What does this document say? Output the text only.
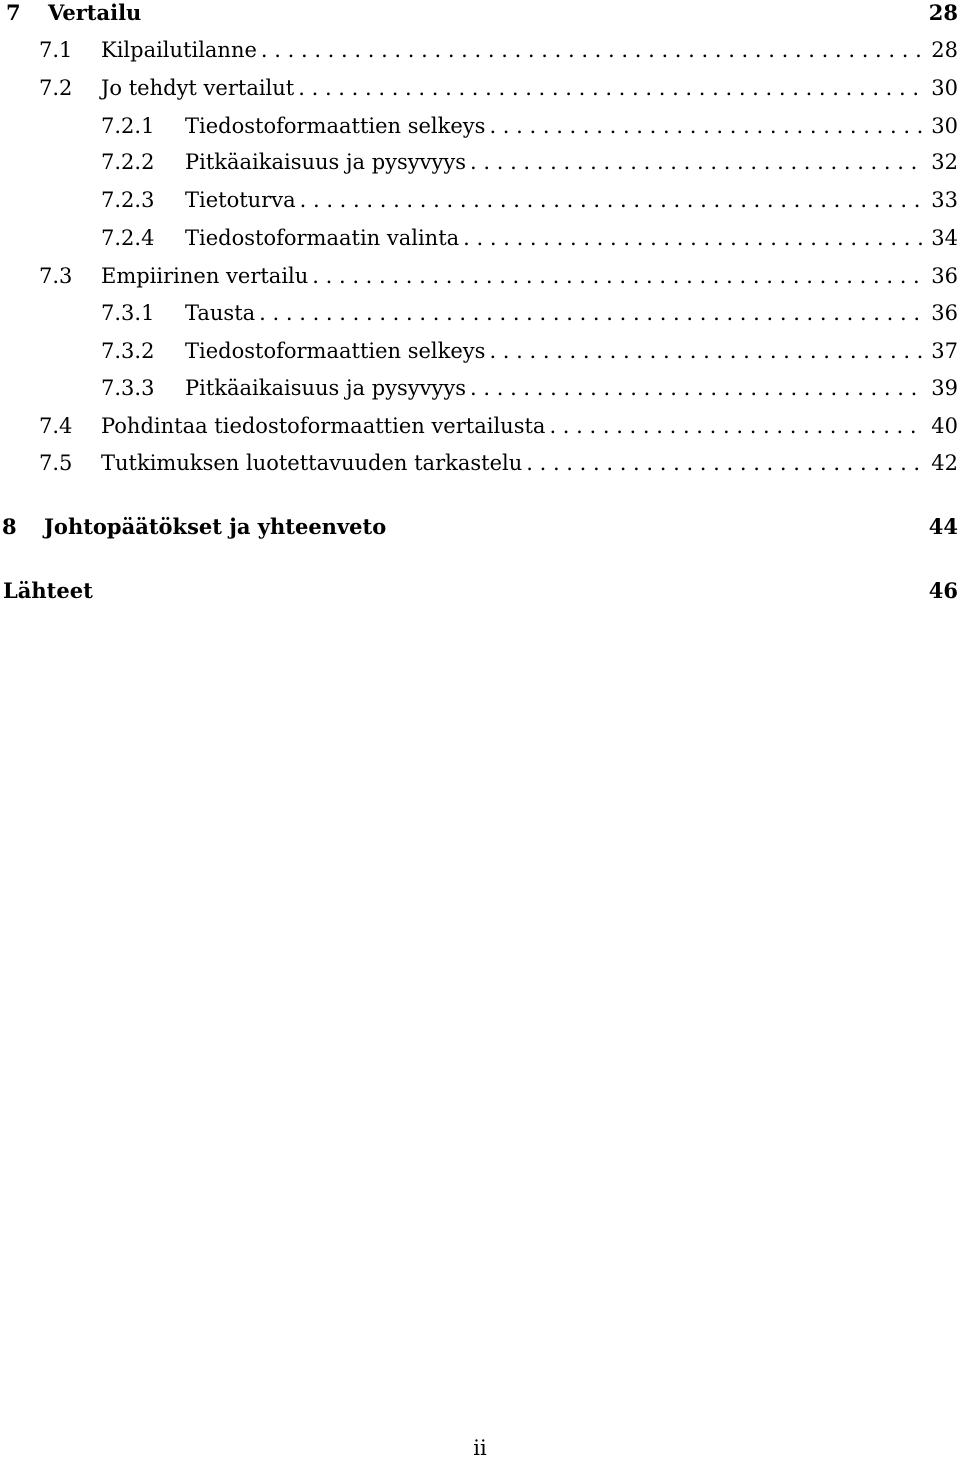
7	Vertailu	28
7.1	Kilpailutilanne . . .	28
7.2	Jo tehdyt vertailut . . .	30
7.2.1	Tiedostoformaattien selkeys . . .	30
7.2.2	Pitkäaikaisuus ja pysyvyys . . .	32
7.2.3	Tietoturva . . .	33
7.2.4	Tiedostoformaatin valinta . . .	34
7.3	Empiirinen vertailu . . .	36
7.3.1	Tausta . . .	36
7.3.2	Tiedostoformaattien selkeys . . .	37
7.3.3	Pitkäaikaisuus ja pysyvyys . . .	39
7.4	Pohdintaa tiedostoformaattien vertailusta . . .	40
7.5	Tutkimuksen luotettavuuden tarkastelu . . .	42
8	Johtopäätökset ja yhteenveto	44
Lähteet	46
ii
